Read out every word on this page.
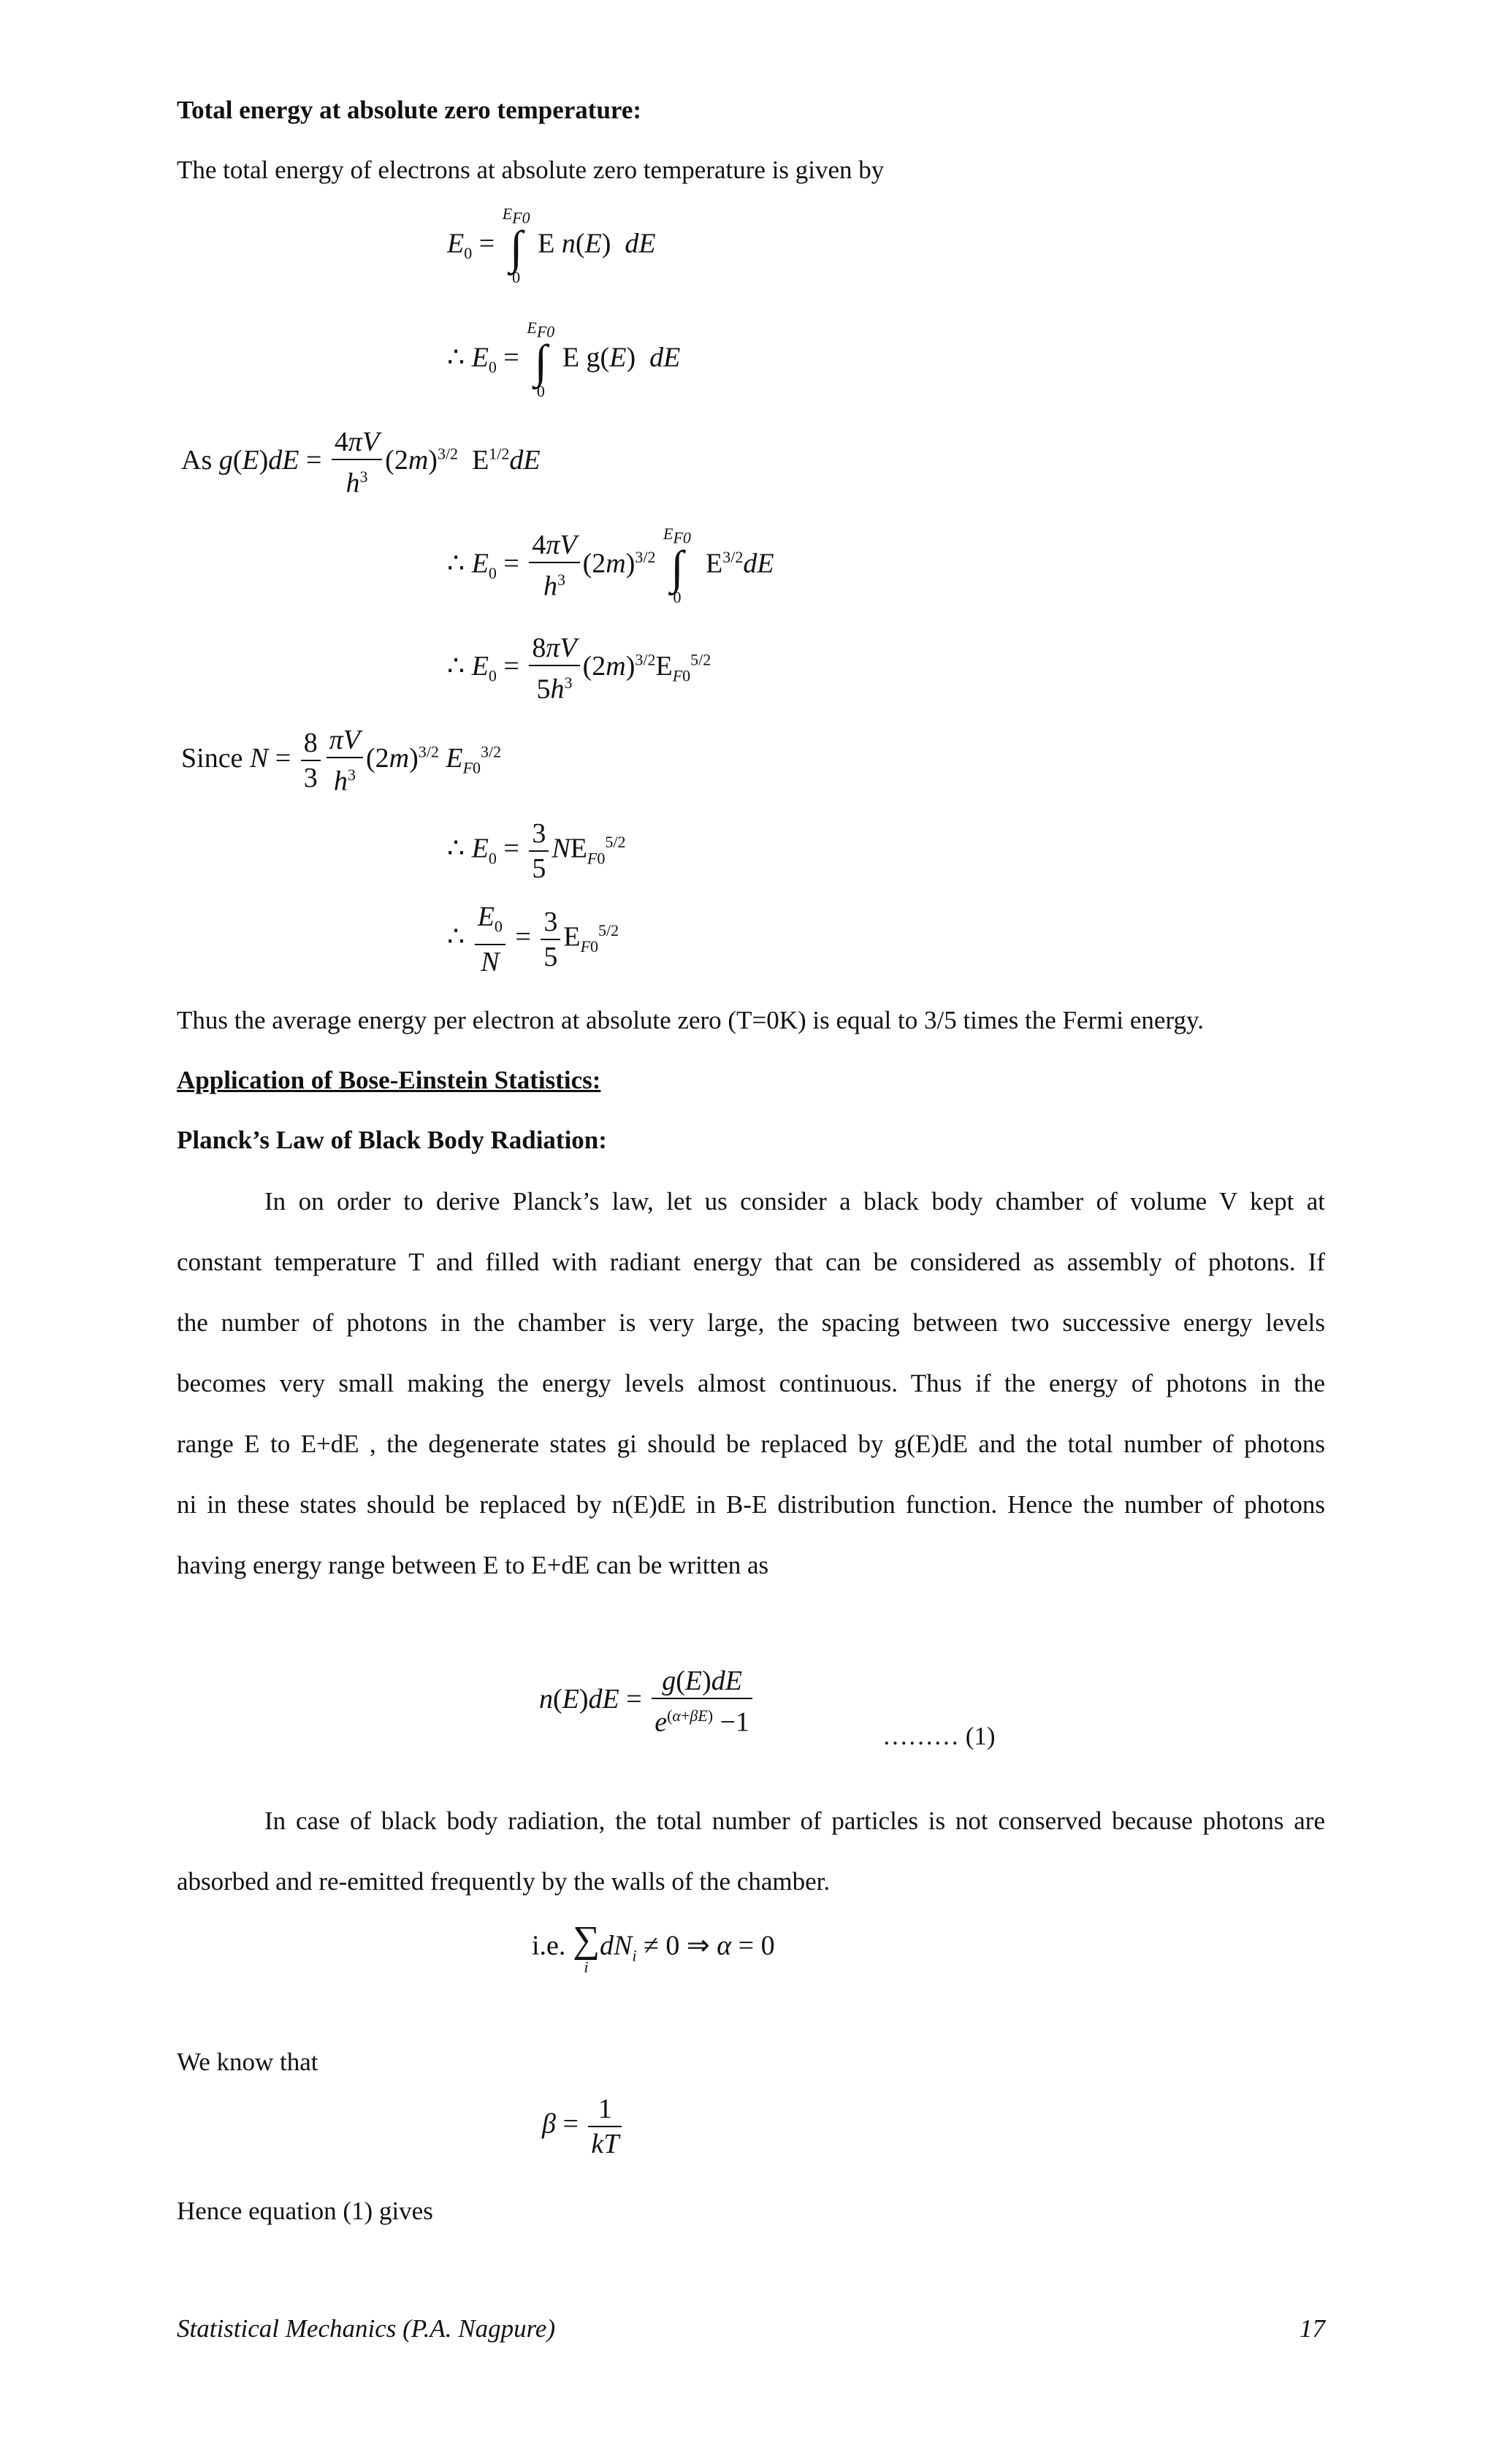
Total energy at absolute zero temperature:
The total energy of electrons at absolute zero temperature is given by
$E_0$ =
$E_{F0}$
∫
0
E n(E)  dE
∴ $E_0$ =
$E_{F0}$
∫
0
E g(E)  dE
As $g(E)dE = \frac{4\pi V}{h^3} (2m)^{3/2}$  $E^{1/2}dE$
∴ $E_0 = \frac{4\pi V}{h^3} (2m)^{3/2}$
$E_{F0}$
∫
0
$E^{3/2}dE$
∴ $E_0 = \frac{8\pi V}{5h^3} (2m)^{3/2}E_{F0}^{5/2}$
Since $N = \frac{8}{3} \frac{\pi V}{h^3} (2m)^{3/2}$ $E_{F0}^{3/2}$
∴ $E_0 = \frac{3}{5} NE_{F0}^{5/2}$
∴ $\frac{E_0}{N} = \frac{3}{5} E_{F0}^{5/2}$
Thus the average energy per electron at absolute zero (T=0K) is equal to 3/5 times the Fermi energy.
Application of Bose-Einstein Statistics:
Planck’s Law of Black Body Radiation:
In on order to derive Planck’s law, let us consider a black body chamber of volume V kept at
constant temperature T and filled with radiant energy that can be considered as assembly of photons. If
the number of photons in the chamber is very large, the spacing between two successive energy levels
becomes very small making the energy levels almost continuous. Thus if the energy of photons in the
range E to E+dE , the degenerate states gi should be replaced by g(E)dE and the total number of photons
ni in these states should be replaced by n(E)dE in B-E distribution function. Hence the number of photons
having energy range between E to E+dE can be written as
$n(E)dE = \frac{g(E)dE}{e^{(\alpha+\beta E)} -1}$	……… (1)
In case of black body radiation, the total number of particles is not conserved because photons are
absorbed and re-emitted frequently by the walls of the chamber.
i.e. ∑
i
$dN_i \ne 0$ ⇒ α = 0
We know that
$\beta = \frac{1}{kT}$
Hence equation (1) gives
Statistical Mechanics (P.A. Nagpure)	17
